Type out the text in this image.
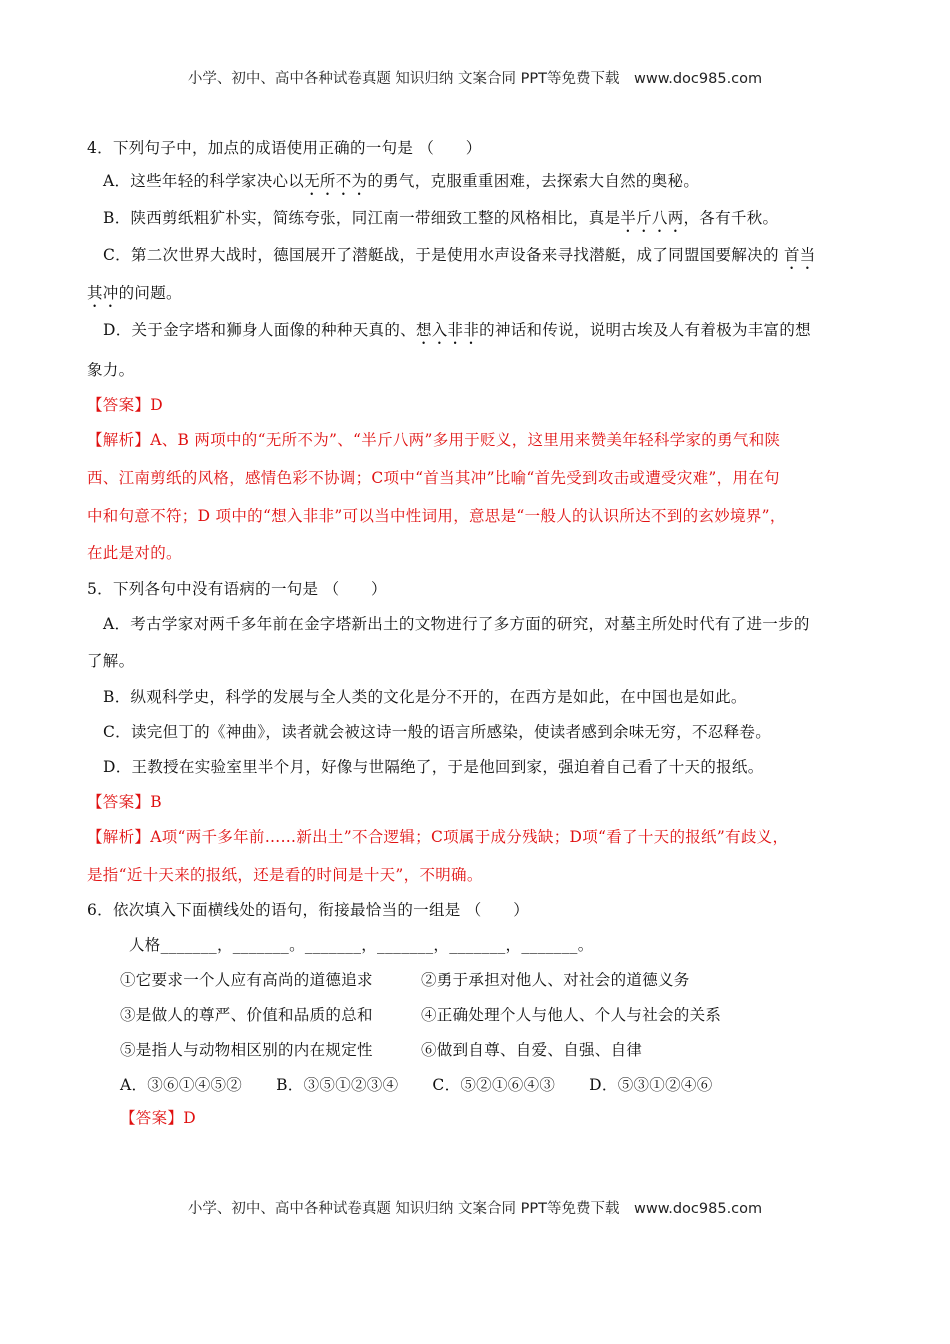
小学、初中、高中各种试卷真题 知识归纳 文案合同 PPT等免费下载　www.doc985.com
4．下列句子中，加点的成语使用正确的一句是 （　　）
A．这些年轻的科学家决心以无所不为的勇气，克服重重困难，去探索大自然的奥秘。
B．陕西剪纸粗犷朴实，简练夸张，同江南一带细致工整的风格相比，真是半斤八两，各有千秋。
C．第二次世界大战时，德国展开了潜艇战，于是使用水声设备来寻找潜艇，成了同盟国要解决的 首当
其冲的问题。
D．关于金字塔和狮身人面像的种种天真的、想入非非的神话和传说，说明古埃及人有着极为丰富的想
象力。
【答案】D
【解析】A、B 两项中的“无所不为”、“半斤八两”多用于贬义，这里用来赞美年轻科学家的勇气和陕
西、江南剪纸的风格，感情色彩不协调；C项中“首当其冲”比喻“首先受到攻击或遭受灾难”，用在句
中和句意不符；D 项中的“想入非非”可以当中性词用，意思是“一般人的认识所达不到的玄妙境界”，
在此是对的。
5．下列各句中没有语病的一句是 （　　）
A．考古学家对两千多年前在金字塔新出土的文物进行了多方面的研究，对墓主所处时代有了进一步的
了解。
B．纵观科学史，科学的发展与全人类的文化是分不开的，在西方是如此，在中国也是如此。
C．读完但丁的《神曲》，读者就会被这诗一般的语言所感染，使读者感到余味无穷，不忍释卷。
D．王教授在实验室里半个月，好像与世隔绝了，于是他回到家，强迫着自己看了十天的报纸。
【答案】B
【解析】A项“两千多年前……新出土”不合逻辑；C项属于成分残缺；D项“看了十天的报纸”有歧义，
是指“近十天来的报纸，还是看的时间是十天”，不明确。
6．依次填入下面横线处的语句，衔接最恰当的一组是 （　　）
人格_______，_______。_______，_______，_______，_______。
①它要求一个人应有高尚的道德追求	②勇于承担对他人、对社会的道德义务
③是做人的尊严、价值和品质的总和	④正确处理个人与他人、个人与社会的关系
⑤是指人与动物相区别的内在规定性	⑥做到自尊、自爱、自强、自律
A．③⑥①④⑤② B．③⑤①②③④ C．⑤②①⑥④③ D．⑤③①②④⑥
【答案】D
小学、初中、高中各种试卷真题 知识归纳 文案合同 PPT等免费下载　www.doc985.com
